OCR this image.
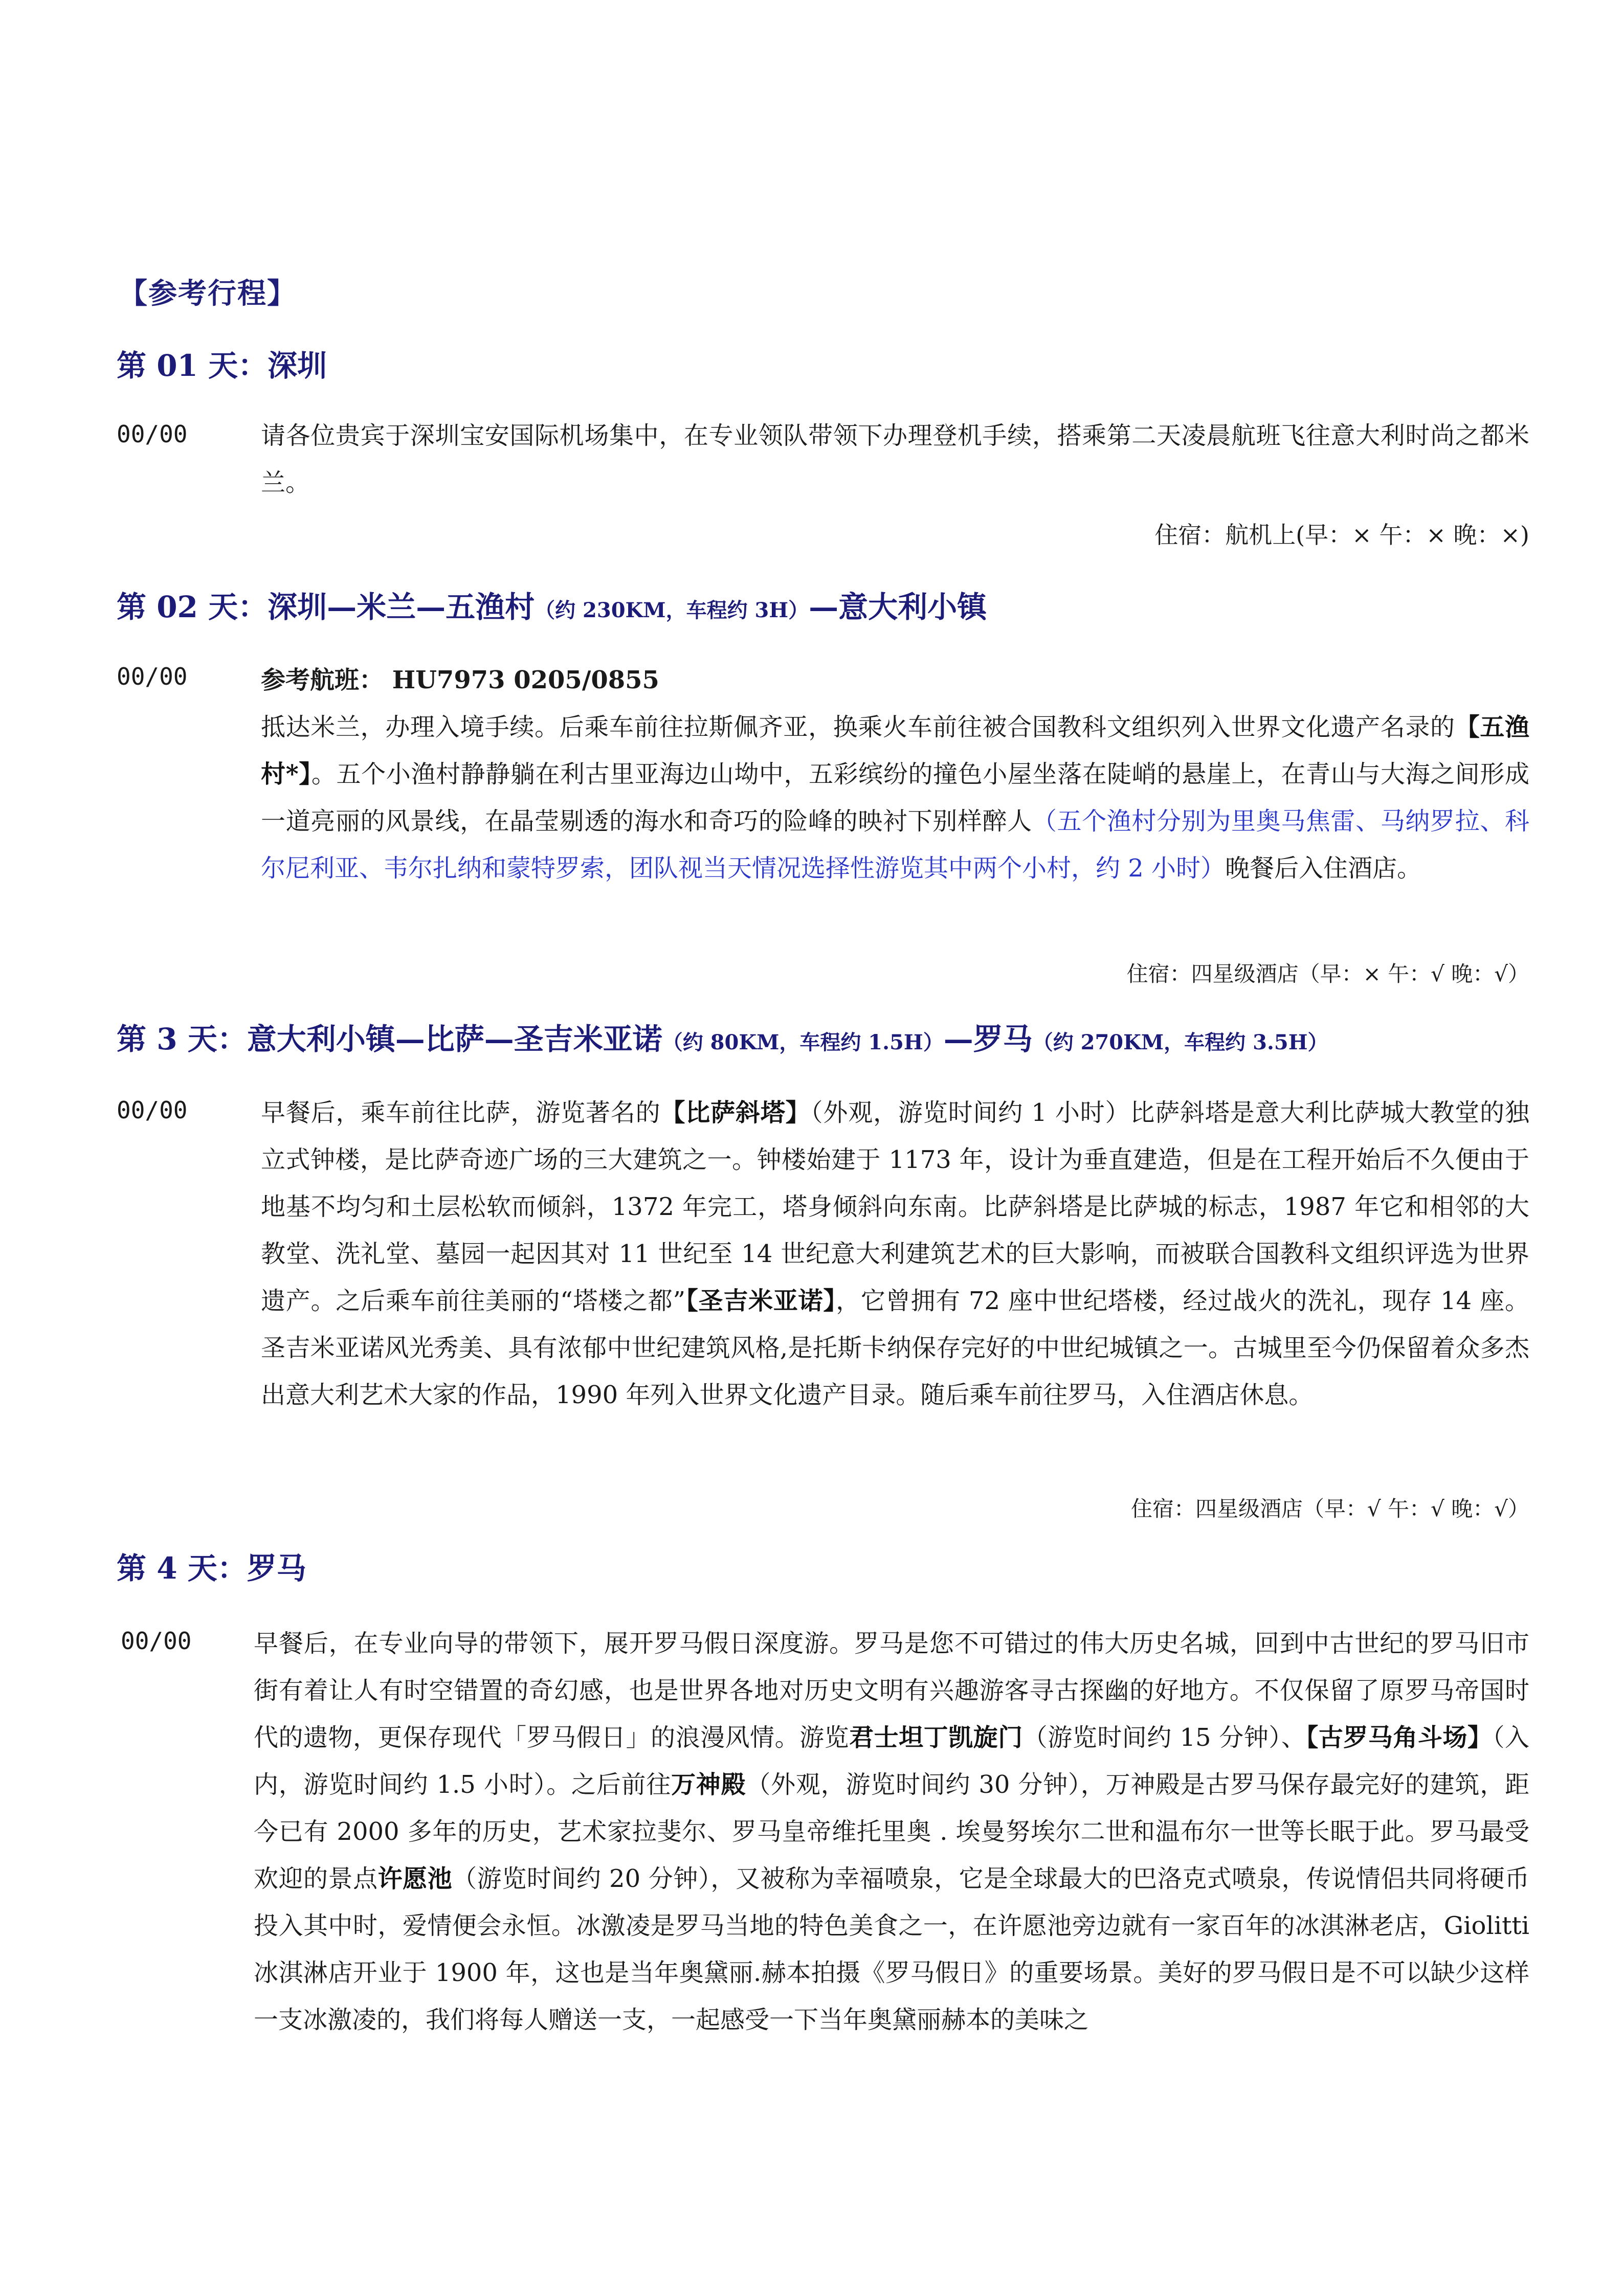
【参考行程】
第 01 天：深圳
00/00	请各位贵宾于深圳宝安国际机场集中，在专业领队带领下办理登机手续，搭乘第二天凌晨航班飞往意大利时尚之都米兰。
住宿：航机上(早：× 午：× 晚：×)
第 02 天：深圳—米兰—五渔村（约 230KM，车程约 3H）—意大利小镇
00/00	参考航班： HU7973 0205/0855
抵达米兰，办理入境手续。后乘车前往拉斯佩齐亚，换乘火车前往被合国教科文组织列入世界文化遗产名录的【五渔村*】。五个小渔村静静躺在利古里亚海边山坳中，五彩缤纷的撞色小屋坐落在陡峭的悬崖上，在青山与大海之间形成一道亮丽的风景线，在晶莹剔透的海水和奇巧的险峰的映衬下别样醉人（五个渔村分别为里奥马焦雷、马纳罗拉、科尔尼利亚、韦尔扎纳和蒙特罗索，团队视当天情况选择性游览其中两个小村，约 2 小时）晚餐后入住酒店。
住宿：四星级酒店（早：× 午：√ 晚：√）
第 3 天：意大利小镇—比萨—圣吉米亚诺（约 80KM，车程约 1.5H）—罗马（约 270KM，车程约 3.5H）
00/00	早餐后，乘车前往比萨，游览著名的【比萨斜塔】（外观，游览时间约 1 小时）比萨斜塔是意大利比萨城大教堂的独立式钟楼，是比萨奇迹广场的三大建筑之一。钟楼始建于 1173 年，设计为垂直建造，但是在工程开始后不久便由于地基不均匀和土层松软而倾斜，1372 年完工，塔身倾斜向东南。比萨斜塔是比萨城的标志，1987 年它和相邻的大教堂、洗礼堂、墓园一起因其对 11 世纪至 14 世纪意大利建筑艺术的巨大影响，而被联合国教科文组织评选为世界遗产。之后乘车前往美丽的“塔楼之都”【圣吉米亚诺】，它曾拥有 72 座中世纪塔楼，经过战火的洗礼，现存 14 座。圣吉米亚诺风光秀美、具有浓郁中世纪建筑风格,是托斯卡纳保存完好的中世纪城镇之一。古城里至今仍保留着众多杰出意大利艺术大家的作品，1990 年列入世界文化遗产目录。随后乘车前往罗马，入住酒店休息。
住宿：四星级酒店（早：√ 午：√ 晚：√）
第 4 天：罗马
00/00	早餐后，在专业向导的带领下，展开罗马假日深度游。罗马是您不可错过的伟大历史名城，回到中古世纪的罗马旧市街有着让人有时空错置的奇幻感，也是世界各地对历史文明有兴趣游客寻古探幽的好地方。不仅保留了原罗马帝国时代的遗物，更保存现代「罗马假日」的浪漫风情。游览君士坦丁凯旋门（游览时间约 15 分钟）、【古罗马角斗场】（入内，游览时间约 1.5 小时）。之后前往万神殿（外观，游览时间约 30 分钟），万神殿是古罗马保存最完好的建筑，距今已有 2000 多年的历史，艺术家拉斐尔、罗马皇帝维托里奥 . 埃曼努埃尔二世和温布尔一世等长眠于此。罗马最受欢迎的景点许愿池（游览时间约 20 分钟），又被称为幸福喷泉，它是全球最大的巴洛克式喷泉，传说情侣共同将硬币投入其中时，爱情便会永恒。冰激凌是罗马当地的特色美食之一，在许愿池旁边就有一家百年的冰淇淋老店，Giolitti 冰淇淋店开业于 1900 年，这也是当年奥黛丽.赫本拍摄《罗马假日》的重要场景。美好的罗马假日是不可以缺少这样一支冰激凌的，我们将每人赠送一支，一起感受一下当年奥黛丽赫本的美味之
